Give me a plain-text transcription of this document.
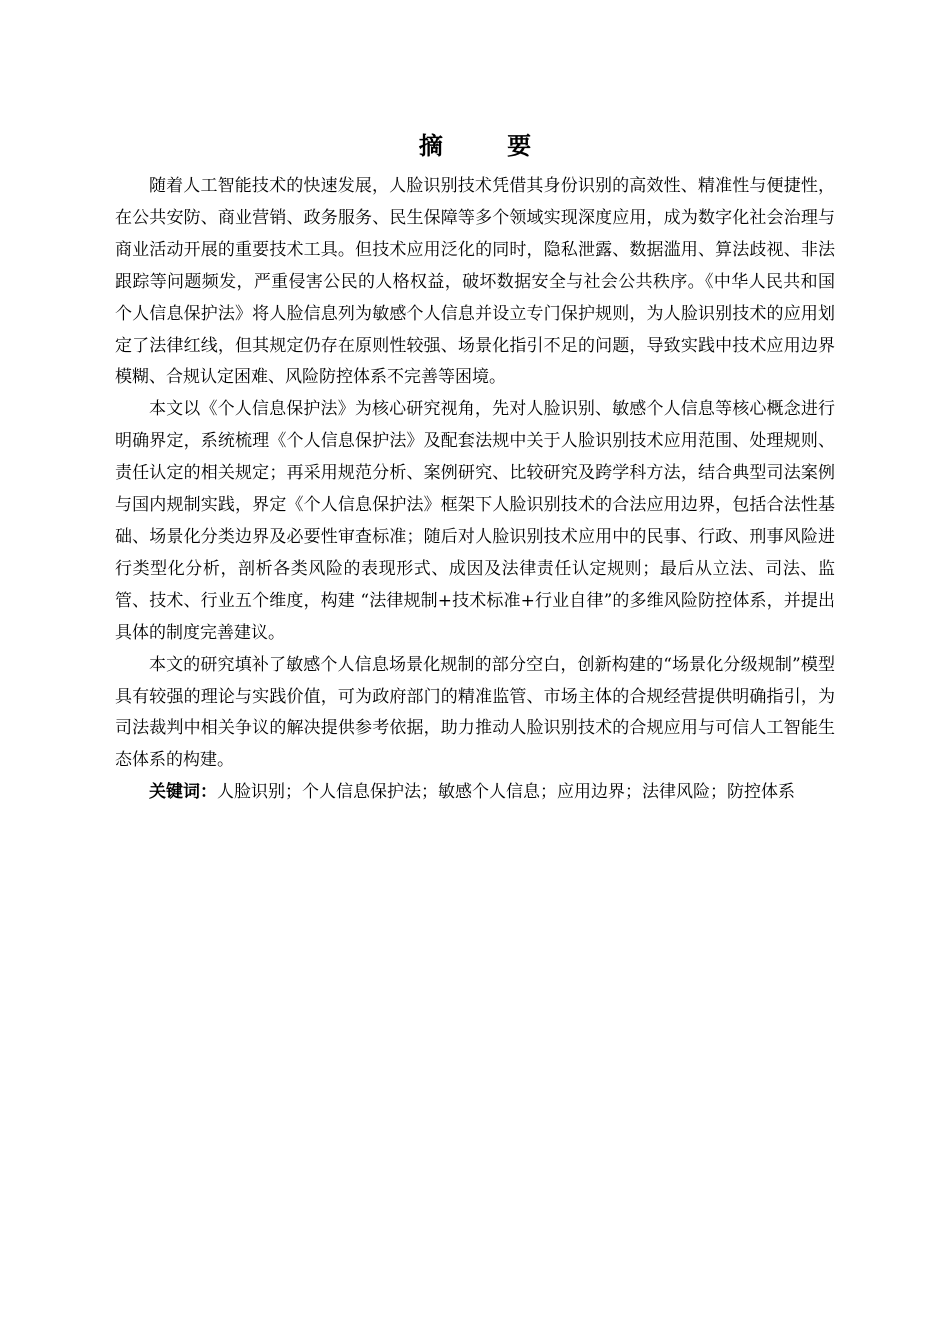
摘 要

随着人工智能技术的快速发展，人脸识别技术凭借其身份识别的高效性、精准性与便捷性，在公共安防、商业营销、政务服务、民生保障等多个领域实现深度应用，成为数字化社会治理与商业活动开展的重要技术工具。但技术应用泛化的同时，隐私泄露、数据滥用、算法歧视、非法跟踪等问题频发，严重侵害公民的人格权益，破坏数据安全与社会公共秩序。《中华人民共和国个人信息保护法》将人脸信息列为敏感个人信息并设立专门保护规则，为人脸识别技术的应用划定了法律红线，但其规定仍存在原则性较强、场景化指引不足的问题，导致实践中技术应用边界模糊、合规认定困难、风险防控体系不完善等困境。

本文以《个人信息保护法》为核心研究视角，先对人脸识别、敏感个人信息等核心概念进行明确界定，系统梳理《个人信息保护法》及配套法规中关于人脸识别技术应用范围、处理规则、责任认定的相关规定；再采用规范分析、案例研究、比较研究及跨学科方法，结合典型司法案例与国内规制实践，界定《个人信息保护法》框架下人脸识别技术的合法应用边界，包括合法性基础、场景化分类边界及必要性审查标准；随后对人脸识别技术应用中的民事、行政、刑事风险进行类型化分析，剖析各类风险的表现形式、成因及法律责任认定规则；最后从立法、司法、监管、技术、行业五个维度，构建 “法律规制+技术标准+行业自律”的多维风险防控体系，并提出具体的制度完善建议。

本文的研究填补了敏感个人信息场景化规制的部分空白，创新构建的“场景化分级规制”模型具有较强的理论与实践价值，可为政府部门的精准监管、市场主体的合规经营提供明确指引，为司法裁判中相关争议的解决提供参考依据，助力推动人脸识别技术的合规应用与可信人工智能生态体系的构建。

关键词：人脸识别；个人信息保护法；敏感个人信息；应用边界；法律风险；防控体系
